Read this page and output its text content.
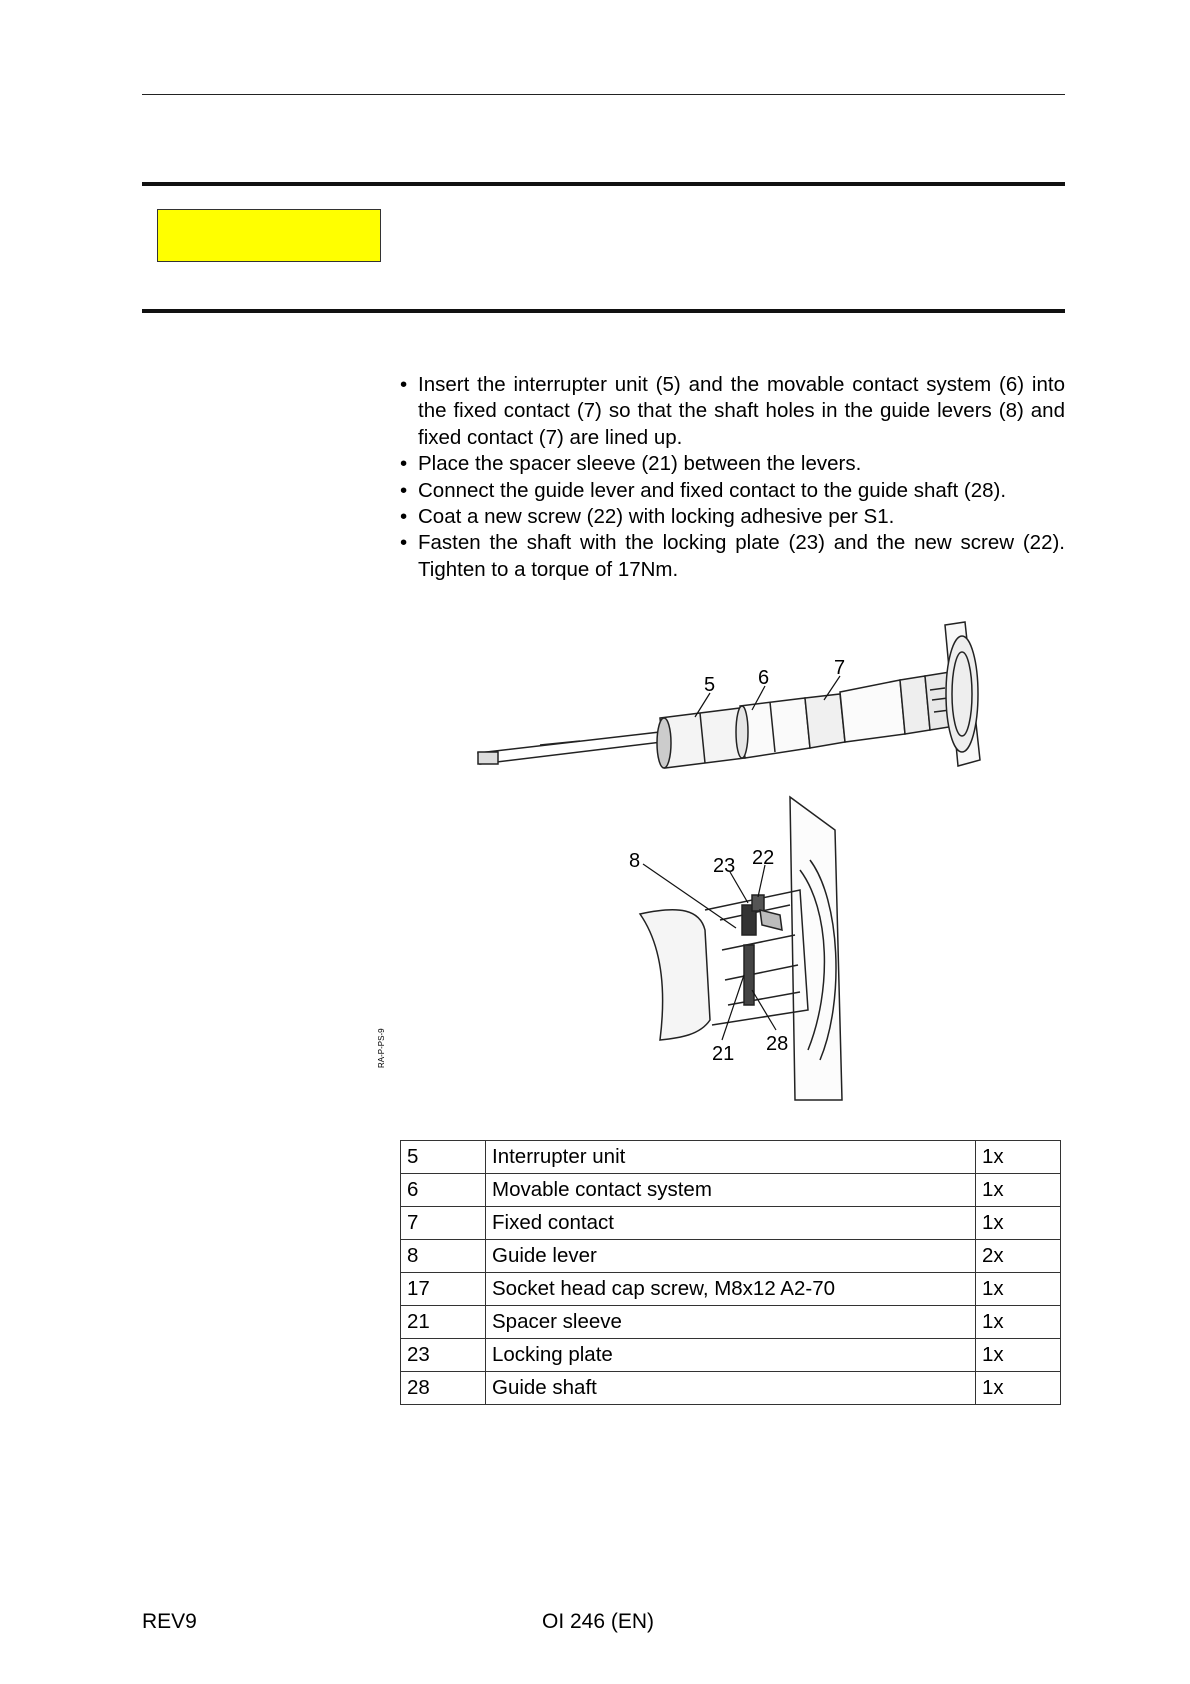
• Insert the interrupter unit (5) and the movable contact system (6) into the fixed contact (7) so that the shaft holes in the guide levers (8) and fixed contact (7) are lined up.
• Place the spacer sleeve (21) between the levers.
• Connect the guide lever and fixed contact to the guide shaft (28).
• Coat a new screw (22) with locking adhesive per S1.
• Fasten the shaft with the locking plate (23) and the new screw (22). Tighten to a torque of 17Nm.
5 6	7
8	23 22
21 28
RA-P-PS-9
5	Interrupter unit	1x
6	Movable contact system	1x
7	Fixed contact	1x
8	Guide lever	2x
17	Socket head cap screw, M8x12 A2-70	1x
21	Spacer sleeve	1x
23	Locking plate	1x
28	Guide shaft	1x
REV9	OI 246 (EN)
